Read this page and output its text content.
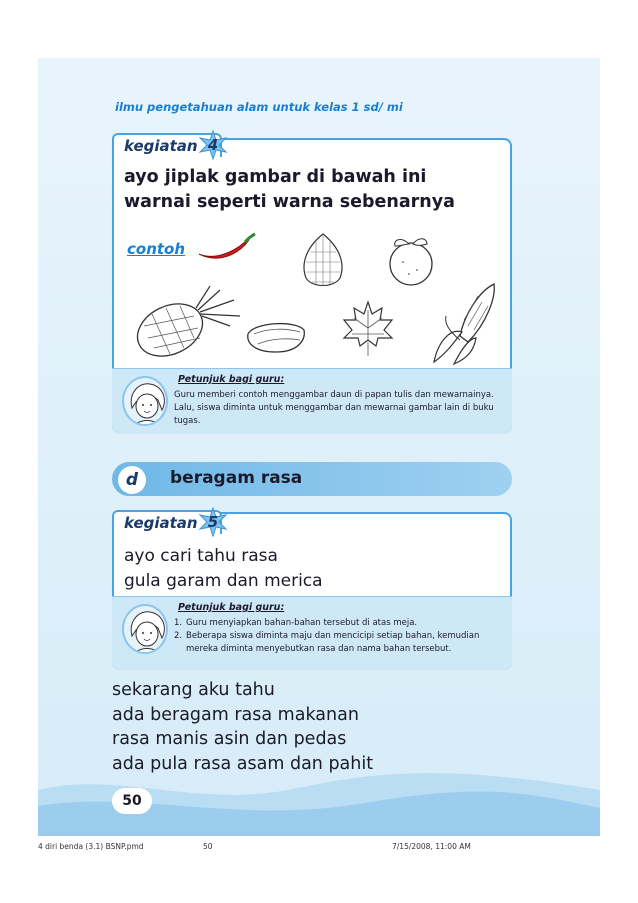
ilmu pengetahuan alam untuk kelas 1 sd/ mi
kegiatan 4
ayo jiplak gambar di bawah ini
warnai seperti warna sebenarnya
contoh
Petunjuk bagi guru:
Guru memberi contoh menggambar daun di papan tulis dan mewarnainya.
Lalu, siswa diminta untuk menggambar dan mewarnai gambar lain di buku tugas.
d	beragam rasa
kegiatan 5
ayo cari tahu rasa
gula garam dan merica
Petunjuk bagi guru:
1. Guru menyiapkan bahan-bahan tersebut di atas meja.
2. Beberapa siswa diminta maju dan mencicipi setiap bahan, kemudian mereka diminta menyebutkan rasa dan nama bahan tersebut.
sekarang aku tahu
ada beragam rasa makanan
rasa manis asin dan pedas
ada pula rasa asam dan pahit
50
4 diri benda (3.1) BSNP.pmd	50	7/15/2008, 11:00 AM
